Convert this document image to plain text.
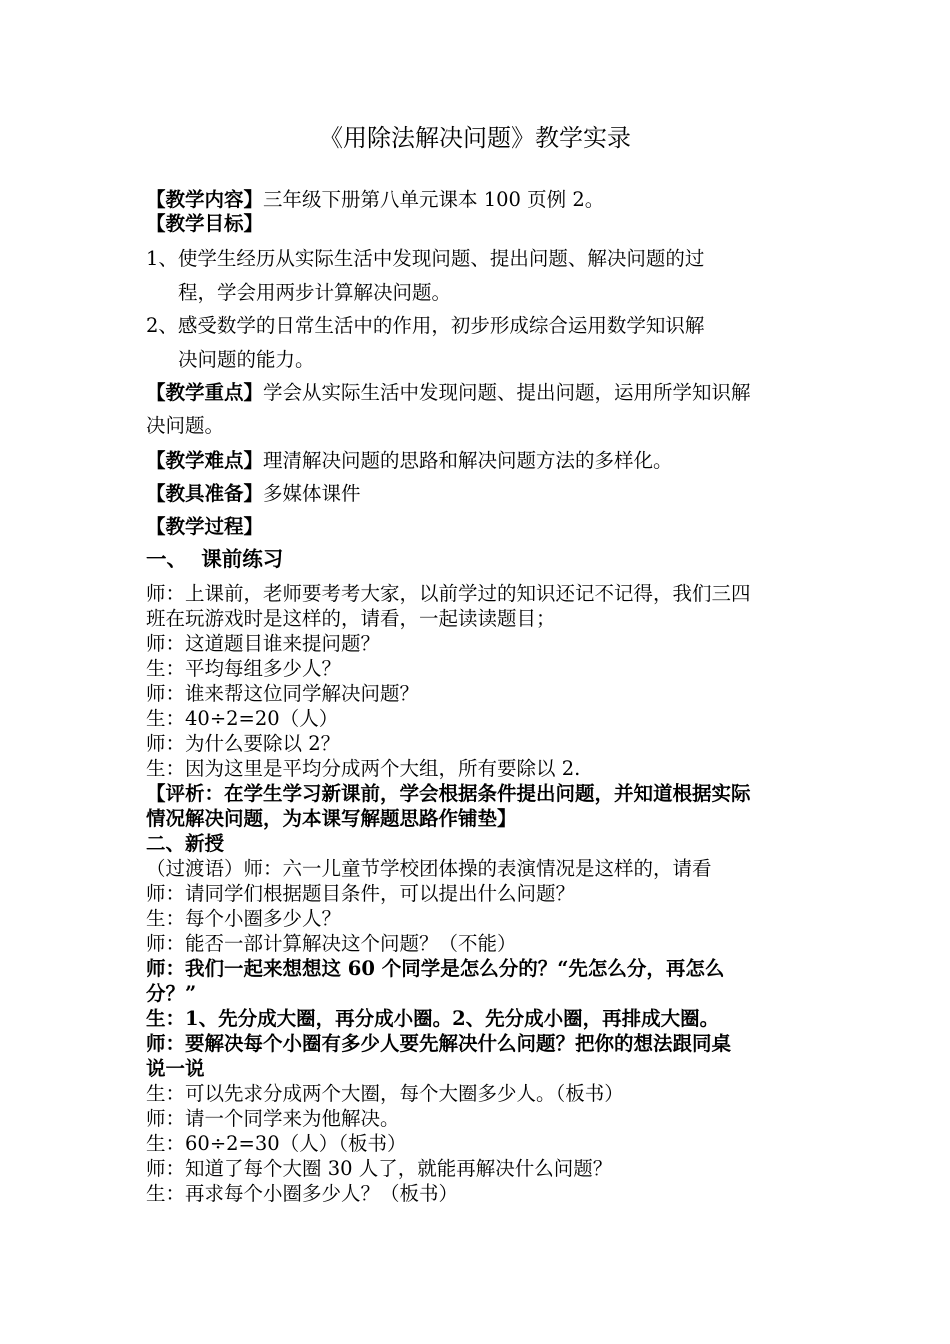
《用除法解决问题》教学实录
【教学内容】三年级下册第八单元课本 100 页例 2。
【教学目标】
1、使学生经历从实际生活中发现问题、提出问题、解决问题的过
程，学会用两步计算解决问题。
2、感受数学的日常生活中的作用，初步形成综合运用数学知识解
决问题的能力。
【教学重点】学会从实际生活中发现问题、提出问题，运用所学知识解
决问题。
【教学难点】理清解决问题的思路和解决问题方法的多样化。
【教具准备】多媒体课件
【教学过程】
一、  课前练习
师：上课前，老师要考考大家，以前学过的知识还记不记得，我们三四
班在玩游戏时是这样的，请看，一起读读题目；
师：这道题目谁来提问题？
生：平均每组多少人？
师：谁来帮这位同学解决问题？
生：40÷2=20（人）
师：为什么要除以 2？
生：因为这里是平均分成两个大组，所有要除以 2.
【评析：在学生学习新课前，学会根据条件提出问题，并知道根据实际
情况解决问题，为本课写解题思路作铺垫】
二、新授
（过渡语）师：六一儿童节学校团体操的表演情况是这样的，请看
师：请同学们根据题目条件，可以提出什么问题？
生：每个小圈多少人？
师：能否一部计算解决这个问题？（不能）
师：我们一起来想想这 60 个同学是怎么分的？“先怎么分，再怎么
分？”
生：1、先分成大圈，再分成小圈。2、先分成小圈，再排成大圈。
师：要解决每个小圈有多少人要先解决什么问题？把你的想法跟同桌
说一说
生：可以先求分成两个大圈，每个大圈多少人。（板书）
师：请一个同学来为他解决。
生：60÷2=30（人）（板书）
师：知道了每个大圈 30 人了，就能再解决什么问题？
生：再求每个小圈多少人？（板书）
